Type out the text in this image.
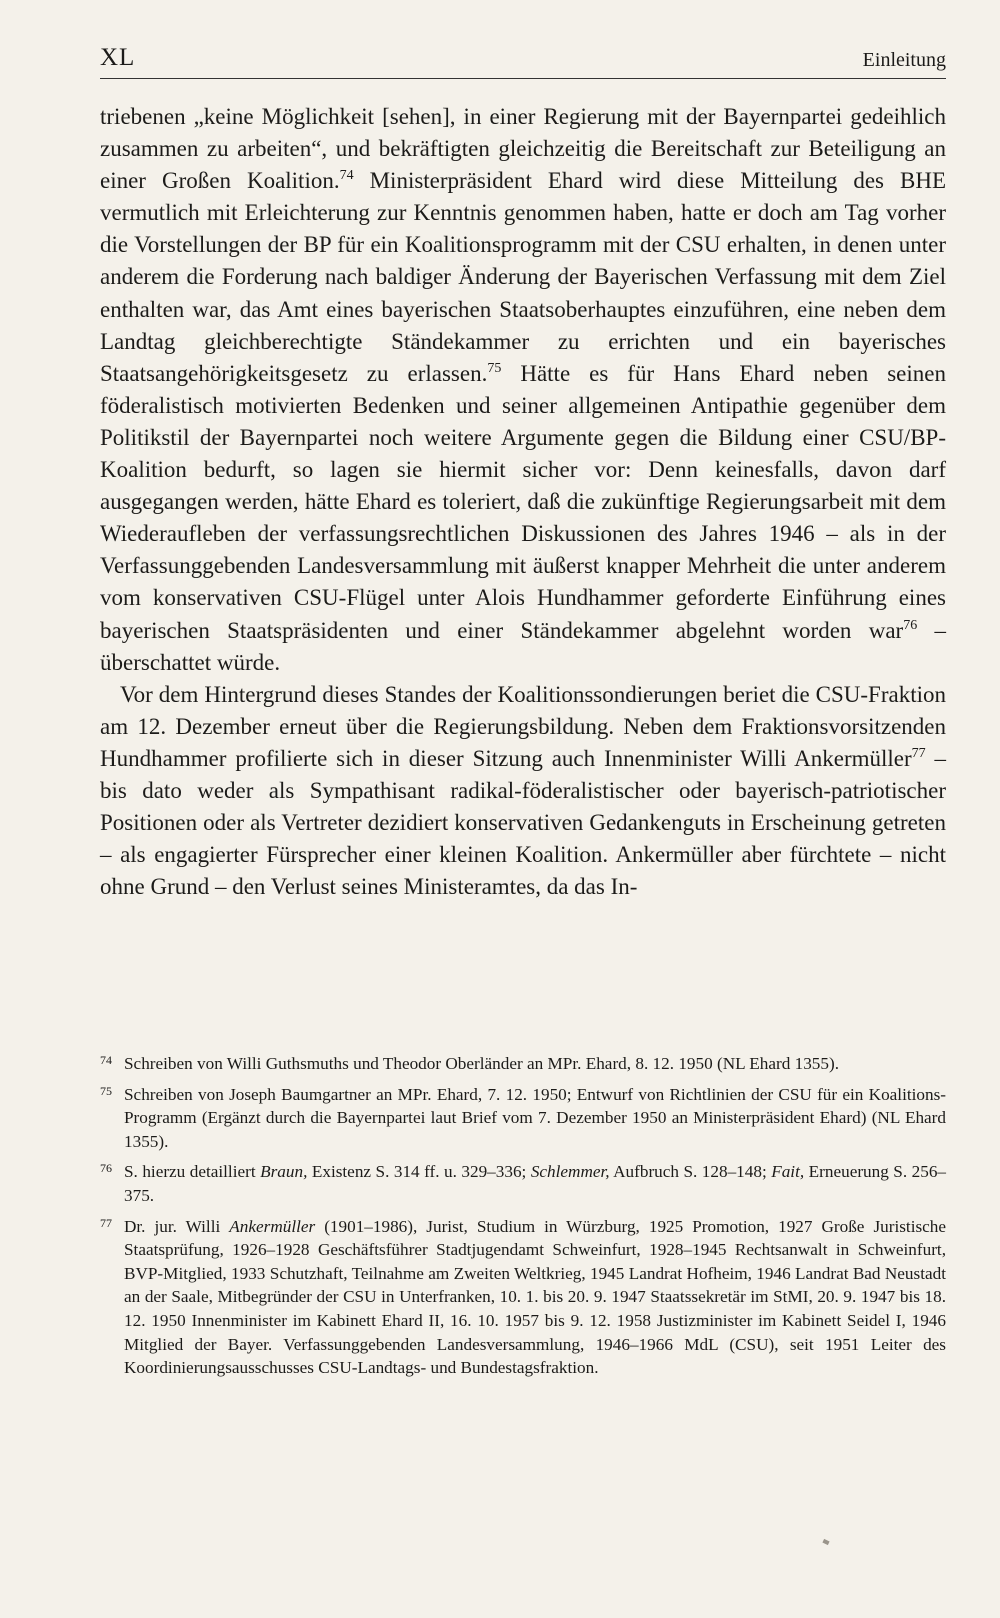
XL	Einleitung

triebenen „keine Möglichkeit [sehen], in einer Regierung mit der Bayernpartei gedeihlich zusammen zu arbeiten“, und bekräftigten gleichzeitig die Bereitschaft zur Beteiligung an einer Großen Koalition.$^{74}$ Ministerpräsident Ehard wird diese Mitteilung des BHE vermutlich mit Erleichterung zur Kenntnis genommen haben, hatte er doch am Tag vorher die Vorstellungen der BP für ein Koalitionsprogramm mit der CSU erhalten, in denen unter anderem die Forderung nach baldiger Änderung der Bayerischen Verfassung mit dem Ziel enthalten war, das Amt eines bayerischen Staatsoberhauptes einzuführen, eine neben dem Landtag gleichberechtigte Ständekammer zu errichten und ein bayerisches Staatsangehörigkeitsgesetz zu erlassen.$^{75}$ Hätte es für Hans Ehard neben seinen föderalistisch motivierten Bedenken und seiner allgemeinen Antipathie gegenüber dem Politikstil der Bayernpartei noch weitere Argumente gegen die Bildung einer CSU/BP-Koalition bedurft, so lagen sie hiermit sicher vor: Denn keinesfalls, davon darf ausgegangen werden, hätte Ehard es toleriert, daß die zukünftige Regierungsarbeit mit dem Wiederaufleben der verfassungsrechtlichen Diskussionen des Jahres 1946 – als in der Verfassunggebenden Landesversammlung mit äußerst knapper Mehrheit die unter anderem vom konservativen CSU-Flügel unter Alois Hundhammer geforderte Einführung eines bayerischen Staatspräsidenten und einer Ständekammer abgelehnt worden war$^{76}$ – überschattet würde.

Vor dem Hintergrund dieses Standes der Koalitionssondierungen beriet die CSU-Fraktion am 12. Dezember erneut über die Regierungsbildung. Neben dem Fraktionsvorsitzenden Hundhammer profilierte sich in dieser Sitzung auch Innenminister Willi Ankermüller$^{77}$ – bis dato weder als Sympathisant radikal-föderalistischer oder bayerisch-patriotischer Positionen oder als Vertreter dezidiert konservativen Gedankenguts in Erscheinung getreten – als engagierter Fürsprecher einer kleinen Koalition. Ankermüller aber fürchtete – nicht ohne Grund – den Verlust seines Ministeramtes, da das In-

74 Schreiben von Willi Guthsmuths und Theodor Oberländer an MPr. Ehard, 8. 12. 1950 (NL Ehard 1355).
75 Schreiben von Joseph Baumgartner an MPr. Ehard, 7. 12. 1950; Entwurf von Richtlinien der CSU für ein Koalitions-Programm (Ergänzt durch die Bayernpartei laut Brief vom 7. Dezember 1950 an Ministerpräsident Ehard) (NL Ehard 1355).
76 S. hierzu detailliert Braun, Existenz S. 314 ff. u. 329–336; Schlemmer, Aufbruch S. 128–148; Fait, Erneuerung S. 256–375.
77 Dr. jur. Willi Ankermüller (1901–1986), Jurist, Studium in Würzburg, 1925 Promotion, 1927 Große Juristische Staatsprüfung, 1926–1928 Geschäftsführer Stadtjugendamt Schweinfurt, 1928–1945 Rechtsanwalt in Schweinfurt, BVP-Mitglied, 1933 Schutzhaft, Teilnahme am Zweiten Weltkrieg, 1945 Landrat Hofheim, 1946 Landrat Bad Neustadt an der Saale, Mitbegründer der CSU in Unterfranken, 10. 1. bis 20. 9. 1947 Staatssekretär im StMI, 20. 9. 1947 bis 18. 12. 1950 Innenminister im Kabinett Ehard II, 16. 10. 1957 bis 9. 12. 1958 Justizminister im Kabinett Seidel I, 1946 Mitglied der Bayer. Verfassunggebenden Landesversammlung, 1946–1966 MdL (CSU), seit 1951 Leiter des Koordinierungsausschusses CSU-Landtags- und Bundestagsfraktion.
